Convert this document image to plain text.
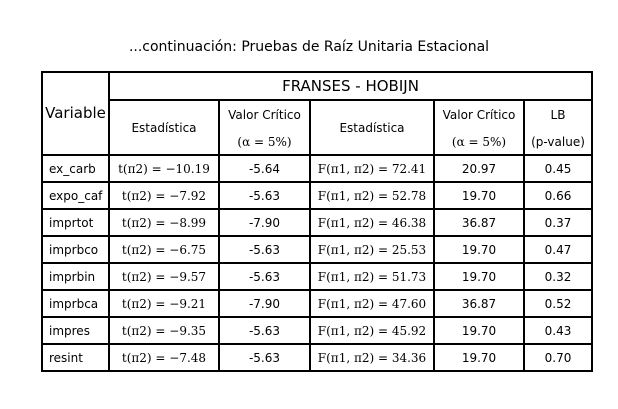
...continuación: Pruebas de Raíz Unitaria Estacional
Variable	FRANSES - HOBIJN				
	Estadística	Valor Crítico	Estadística	Valor Crítico	LB
		(α = 5%)		(α = 5%)	(p-value)
ex_carb	t(π2) = −10.19	-5.64	F(π1, π2) = 72.41	20.97	0.45
expo_caf	t(π2) = −7.92	-5.63	F(π1, π2) = 52.78	19.70	0.66
imprtot	t(π2) = −8.99	-7.90	F(π1, π2) = 46.38	36.87	0.37
imprbco	t(π2) = −6.75	-5.63	F(π1, π2) = 25.53	19.70	0.47
imprbin	t(π2) = −9.57	-5.63	F(π1, π2) = 51.73	19.70	0.32
imprbca	t(π2) = −9.21	-7.90	F(π1, π2) = 47.60	36.87	0.52
impres	t(π2) = −9.35	-5.63	F(π1, π2) = 45.92	19.70	0.43
resint	t(π2) = −7.48	-5.63	F(π1, π2) = 34.36	19.70	0.70
